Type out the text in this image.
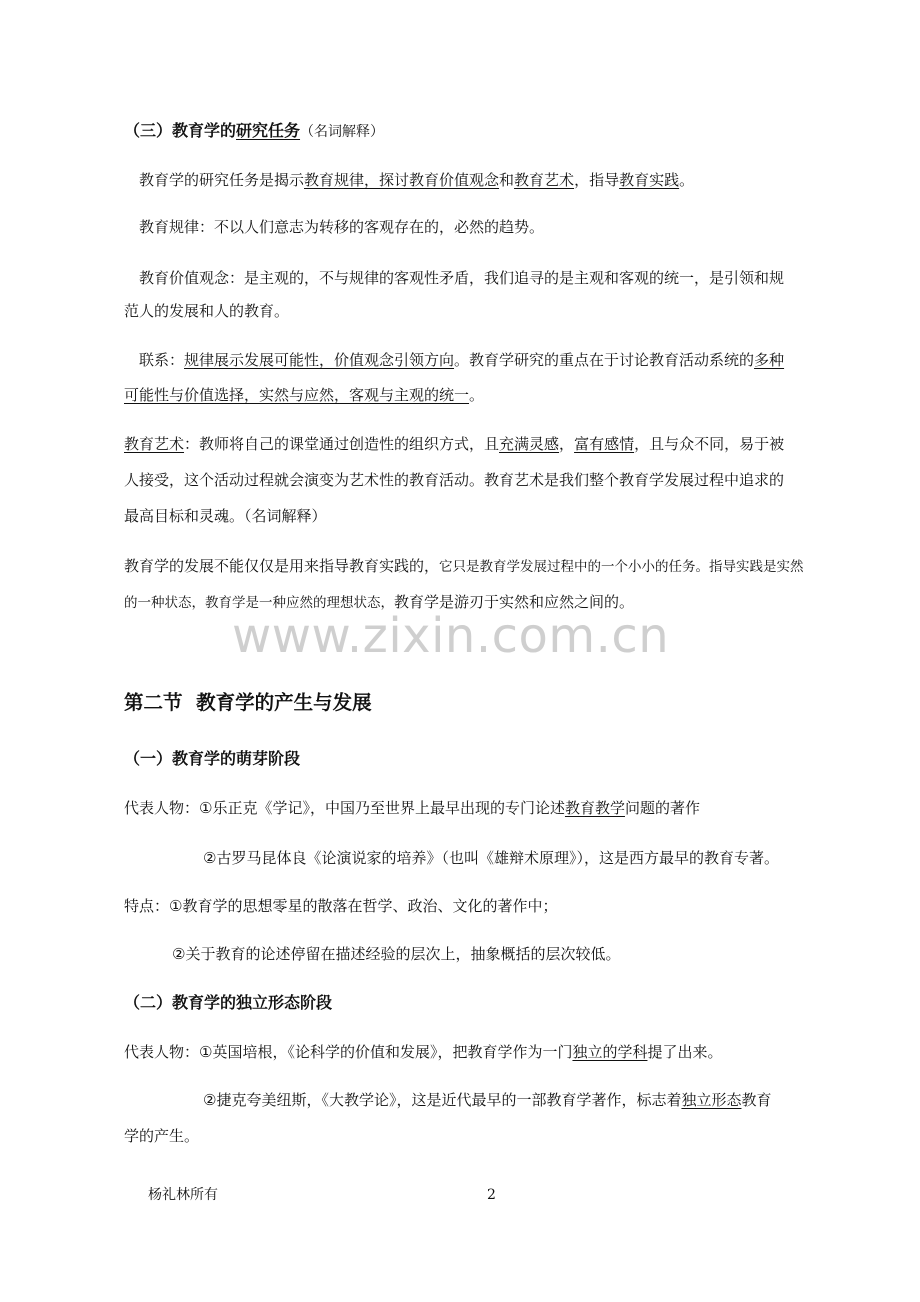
（三）教育学的研究任务（名词解释）
教育学的研究任务是揭示教育规律，探讨教育价值观念和教育艺术，指导教育实践。
教育规律：不以人们意志为转移的客观存在的，必然的趋势。
教育价值观念：是主观的，不与规律的客观性矛盾，我们追寻的是主观和客观的统一，是引领和规
范人的发展和人的教育。
联系：规律展示发展可能性，价值观念引领方向。教育学研究的重点在于讨论教育活动系统的多种
可能性与价值选择，实然与应然，客观与主观的统一。
教育艺术：教师将自己的课堂通过创造性的组织方式，且充满灵感，富有感情，且与众不同，易于被
人接受，这个活动过程就会演变为艺术性的教育活动。教育艺术是我们整个教育学发展过程中追求的
最高目标和灵魂。（名词解释）
教育学的发展不能仅仅是用来指导教育实践的，它只是教育学发展过程中的一个小小的任务。指导实践是实然
的一种状态，教育学是一种应然的理想状态，教育学是游刃于实然和应然之间的。
www.zixin.com.cn
第二节  教育学的产生与发展
（一）教育学的萌芽阶段
代表人物：①乐正克《学记》，中国乃至世界上最早出现的专门论述教育教学问题的著作
②古罗马昆体良《论演说家的培养》（也叫《雄辩术原理》），这是西方最早的教育专著。
特点：①教育学的思想零星的散落在哲学、政治、文化的著作中；
②关于教育的论述停留在描述经验的层次上，抽象概括的层次较低。
（二）教育学的独立形态阶段
代表人物：①英国培根，《论科学的价值和发展》，把教育学作为一门独立的学科提了出来。
②捷克夸美纽斯，《大教学论》，这是近代最早的一部教育学著作，标志着独立形态教育
学的产生。
杨礼林所有	2
